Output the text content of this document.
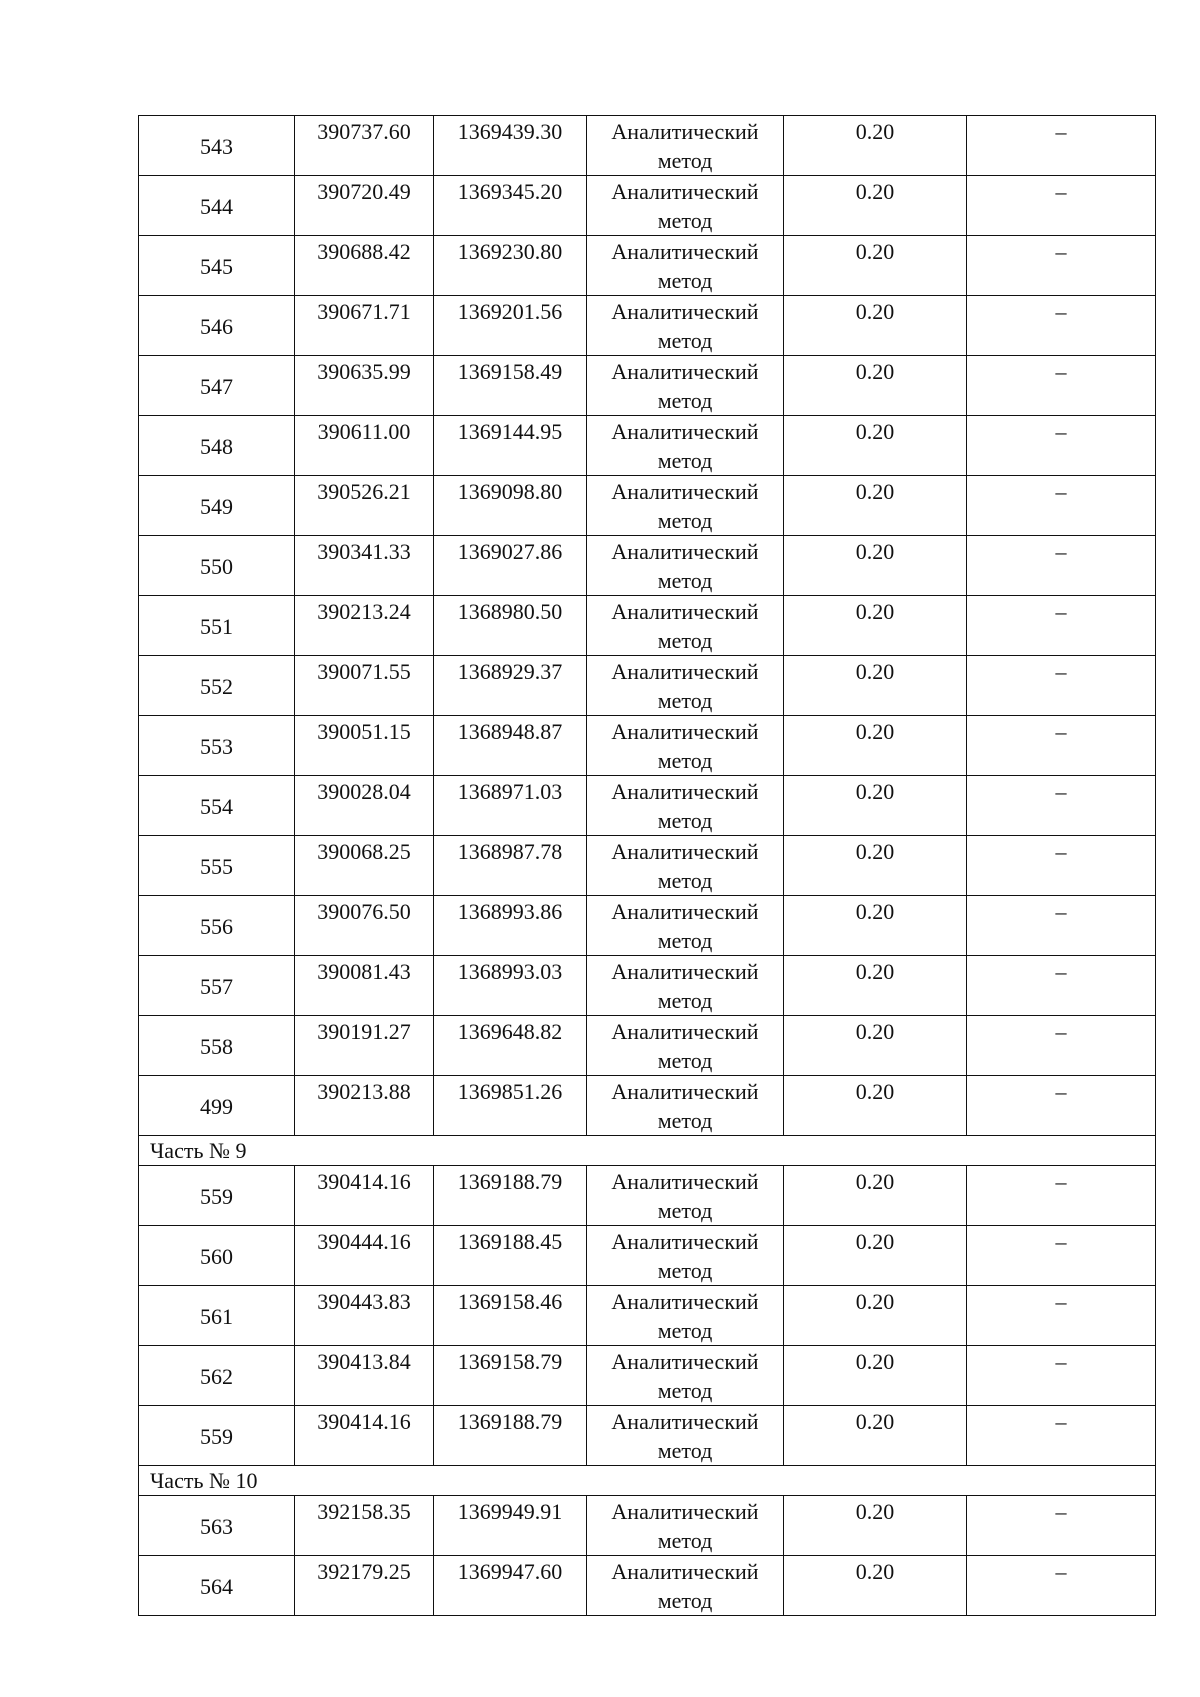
543	390737.60	1369439.30	Аналитический метод	0.20	–
544	390720.49	1369345.20	Аналитический метод	0.20	–
545	390688.42	1369230.80	Аналитический метод	0.20	–
546	390671.71	1369201.56	Аналитический метод	0.20	–
547	390635.99	1369158.49	Аналитический метод	0.20	–
548	390611.00	1369144.95	Аналитический метод	0.20	–
549	390526.21	1369098.80	Аналитический метод	0.20	–
550	390341.33	1369027.86	Аналитический метод	0.20	–
551	390213.24	1368980.50	Аналитический метод	0.20	–
552	390071.55	1368929.37	Аналитический метод	0.20	–
553	390051.15	1368948.87	Аналитический метод	0.20	–
554	390028.04	1368971.03	Аналитический метод	0.20	–
555	390068.25	1368987.78	Аналитический метод	0.20	–
556	390076.50	1368993.86	Аналитический метод	0.20	–
557	390081.43	1368993.03	Аналитический метод	0.20	–
558	390191.27	1369648.82	Аналитический метод	0.20	–
499	390213.88	1369851.26	Аналитический метод	0.20	–
Часть № 9					
559	390414.16	1369188.79	Аналитический метод	0.20	–
560	390444.16	1369188.45	Аналитический метод	0.20	–
561	390443.83	1369158.46	Аналитический метод	0.20	–
562	390413.84	1369158.79	Аналитический метод	0.20	–
559	390414.16	1369188.79	Аналитический метод	0.20	–
Часть № 10					
563	392158.35	1369949.91	Аналитический метод	0.20	–
564	392179.25	1369947.60	Аналитический метод	0.20	–
